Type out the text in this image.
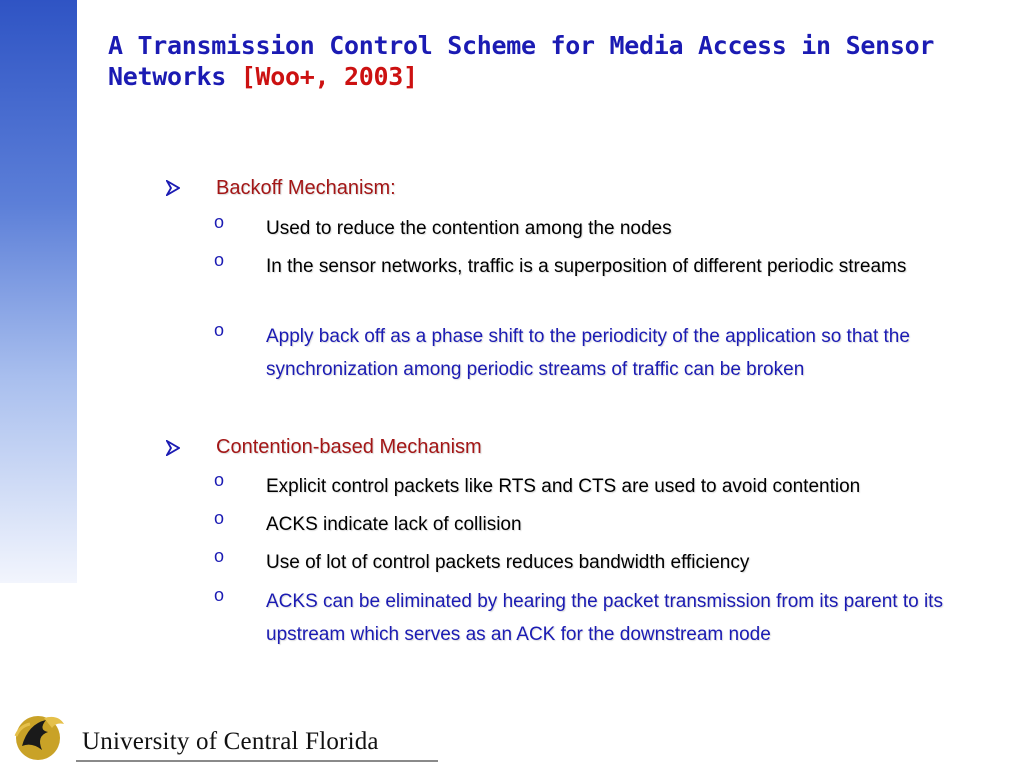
A Transmission Control Scheme for Media Access in Sensor Networks [Woo+, 2003]
Backoff Mechanism:
o Used to reduce the contention among the nodes
o In the sensor networks, traffic is a superposition of different periodic streams
o Apply back off as a phase shift to the periodicity of the application so that the synchronization among periodic streams of traffic can be broken
Contention-based Mechanism
o Explicit control packets like RTS and CTS are used to avoid contention
o ACKS indicate lack of collision
o Use of lot of control packets reduces bandwidth efficiency
o ACKS can be eliminated by hearing the packet transmission from its parent to its upstream which serves as an ACK for the downstream node
University of Central Florida
